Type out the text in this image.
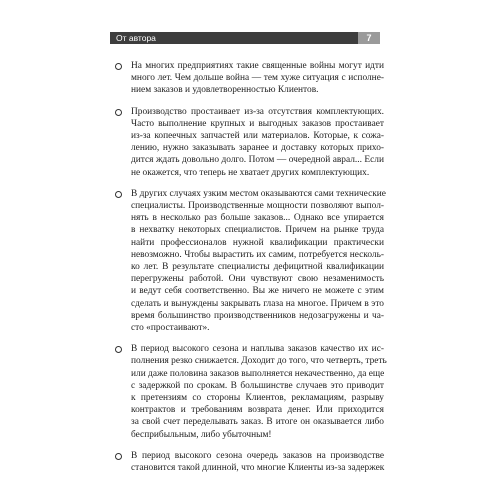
От автора	7
На многих предприятиях такие священные войны могут идти
много лет. Чем дольше война — тем хуже ситуация с исполне-
нием заказов и удовлетворенностью Клиентов.
Производство простаивает из-за отсутствия комплектующих.
Часто выполнение крупных и выгодных заказов простаивает
из-за копеечных запчастей или материалов. Которые, к сожа-
лению, нужно заказывать заранее и доставку которых прихо-
дится ждать довольно долго. Потом — очередной аврал... Если
не окажется, что теперь не хватает других комплектующих.
В других случаях узким местом оказываются сами технические
специалисты. Производственные мощности позволяют выпол-
нять в несколько раз больше заказов... Однако все упирается
в нехватку некоторых специалистов. Причем на рынке труда
найти профессионалов нужной квалификации практически
невозможно. Чтобы вырастить их самим, потребуется несколь-
ко лет. В результате специалисты дефицитной квалификации
перегружены работой. Они чувствуют свою незаменимость
и ведут себя соответственно. Вы же ничего не можете с этим
сделать и вынуждены закрывать глаза на многое. Причем в это
время большинство производственников недозагружены и ча-
сто «простаивают».
В период высокого сезона и наплыва заказов качество их ис-
полнения резко снижается. Доходит до того, что четверть, треть
или даже половина заказов выполняется некачественно, да еще
с задержкой по срокам. В большинстве случаев это приводит
к претензиям со стороны Клиентов, рекламациям, разрыву
контрактов и требованиям возврата денег. Или приходится
за свой счет переделывать заказ. В итоге он оказывается либо
бесприбыльным, либо убыточным!
В период высокого сезона очередь заказов на производстве
становится такой длинной, что многие Клиенты из-за задержек
